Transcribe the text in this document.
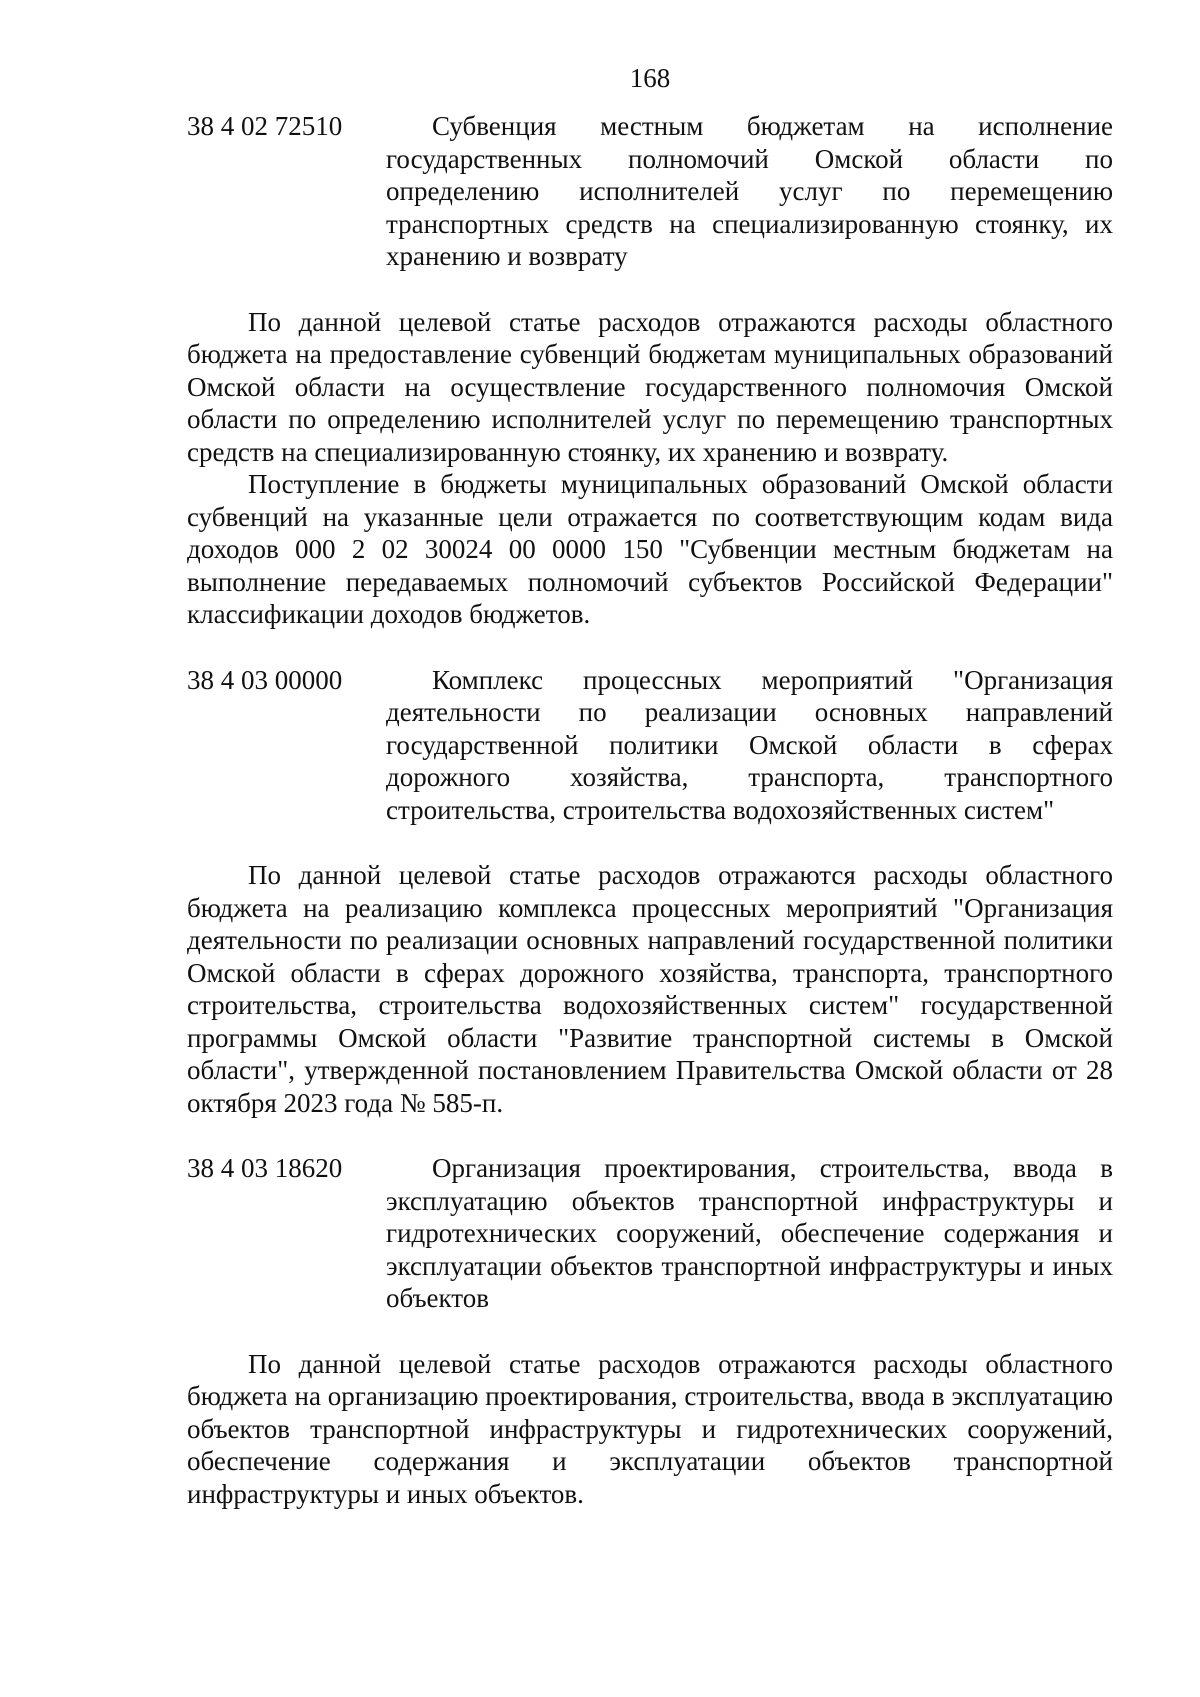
168
38 4 02 72510	Субвенция местным бюджетам на исполнение государственных полномочий Омской области по определению исполнителей услуг по перемещению транспортных средств на специализированную стоянку, их хранению и возврату

По данной целевой статье расходов отражаются расходы областного бюджета на предоставление субвенций бюджетам муниципальных образований Омской области на осуществление государственного полномочия Омской области по определению исполнителей услуг по перемещению транспортных средств на специализированную стоянку, их хранению и возврату.

Поступление в бюджеты муниципальных образований Омской области субвенций на указанные цели отражается по соответствующим кодам вида доходов 000 2 02 30024 00 0000 150 "Субвенции местным бюджетам на выполнение передаваемых полномочий субъектов Российской Федерации" классификации доходов бюджетов.

38 4 03 00000	Комплекс процессных мероприятий "Организация деятельности по реализации основных направлений государственной политики Омской области в сферах дорожного хозяйства, транспорта, транспортного строительства, строительства водохозяйственных систем"

По данной целевой статье расходов отражаются расходы областного бюджета на реализацию комплекса процессных мероприятий "Организация деятельности по реализации основных направлений государственной политики Омской области в сферах дорожного хозяйства, транспорта, транспортного строительства, строительства водохозяйственных систем" государственной программы Омской области "Развитие транспортной системы в Омской области", утвержденной постановлением Правительства Омской области от 28 октября 2023 года № 585-п.

38 4 03 18620	Организация проектирования, строительства, ввода в эксплуатацию объектов транспортной инфраструктуры и гидротехнических сооружений, обеспечение содержания и эксплуатации объектов транспортной инфраструктуры и иных объектов

По данной целевой статье расходов отражаются расходы областного бюджета на организацию проектирования, строительства, ввода в эксплуатацию объектов транспортной инфраструктуры и гидротехнических сооружений, обеспечение содержания и эксплуатации объектов транспортной инфраструктуры и иных объектов.
